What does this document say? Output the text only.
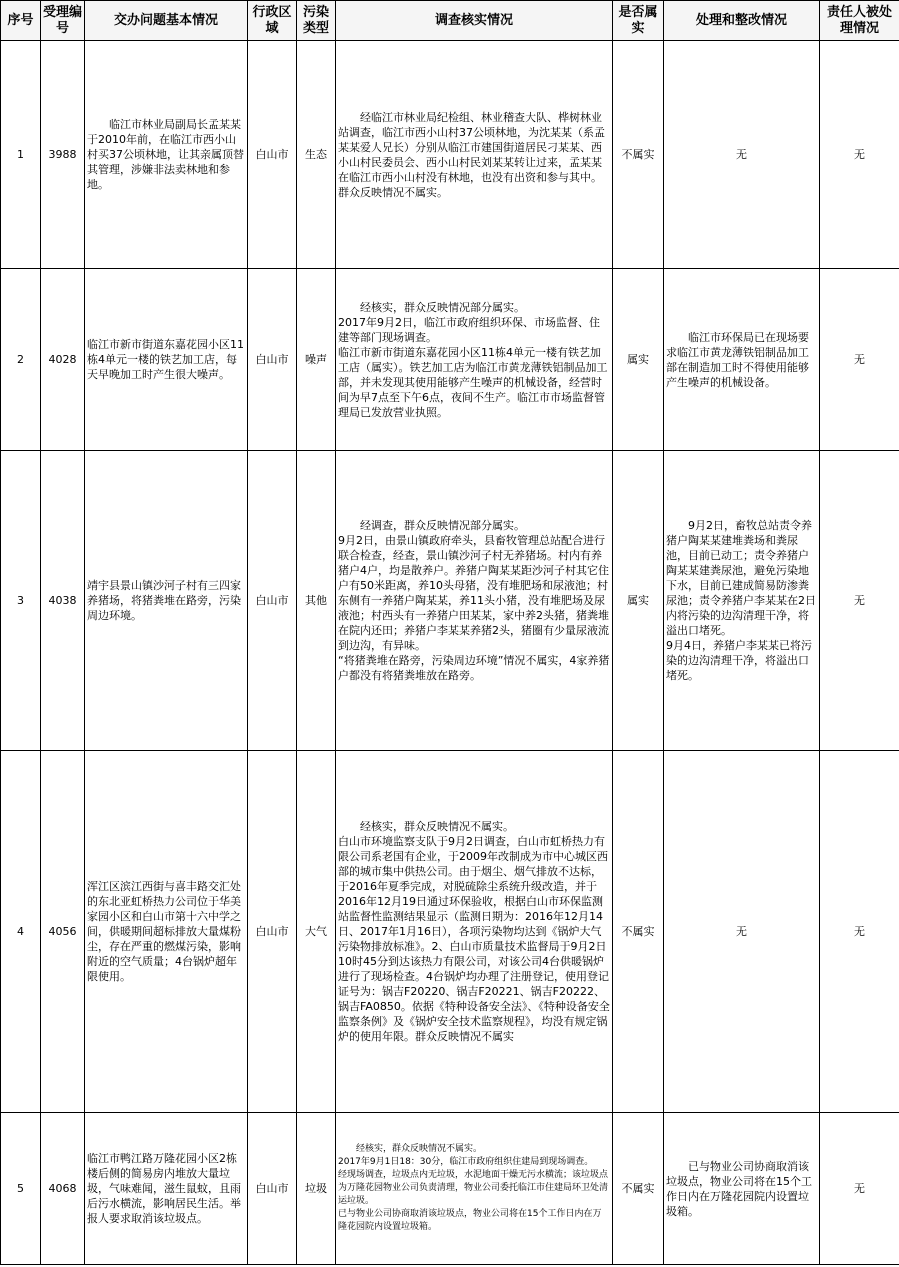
序号	受理编号	交办问题基本情况	行政区域	污染类型	调查核实情况	是否属实	处理和整改情况	责任人被处理情况
1	3988	临江市林业局副局长孟某某于2010年前，在临江市西小山村买37公顷林地，让其亲属顶替其管理，涉嫌非法卖林地和参地。	白山市	生态	经临江市林业局纪检组、林业稽查大队、桦树林业站调查，临江市西小山村37公顷林地，为沈某某（系孟某某爱人兄长）分别从临江市建国街道居民刁某某、西小山村民委员会、西小山村民刘某某转让过来，孟某某在临江市西小山村没有林地，也没有出资和参与其中。群众反映情况不属实。	不属实	无	无
2	4028	临江市新市街道东嘉花园小区11栋4单元一楼的铁艺加工店，每天早晚加工时产生很大噪声。	白山市	噪声	经核实，群众反映情况部分属实。
2017年9月2日，临江市政府组织环保、市场监督、住建等部门现场调查。
临江市新市街道东嘉花园小区11栋4单元一楼有铁艺加工店（属实）。铁艺加工店为临江市黄龙薄铁铝制品加工部，并未发现其使用能够产生噪声的机械设备，经营时间为早7点至下午6点，夜间不生产。临江市市场监督管理局已发放营业执照。	属实	临江市环保局已在现场要求临江市黄龙薄铁铝制品加工部在制造加工时不得使用能够产生噪声的机械设备。	无
3	4038	靖宇县景山镇沙河子村有三四家养猪场，将猪粪堆在路旁，污染周边环境。	白山市	其他	经调查，群众反映情况部分属实。
9月2日，由景山镇政府牵头，县畜牧管理总站配合进行联合检查，经查，景山镇沙河子村无养猪场。村内有养猪户4户，均是散养户。养猪户陶某某距沙河子村其它住户有50米距离，养10头母猪，没有堆肥场和尿液池；村东侧有一养猪户陶某某，养11头小猪，没有堆肥场及尿液池；村西头有一养猪户田某某，家中养2头猪，猪粪堆在院内还田；养猪户李某某养猪2头，猪圈有少量尿液流到边沟，有异味。
“将猪粪堆在路旁，污染周边环境”情况不属实，4家养猪户都没有将猪粪堆放在路旁。	属实	9月2日，畜牧总站责令养猪户陶某某建堆粪场和粪尿池，目前已动工；责令养猪户陶某某建粪尿池，避免污染地下水，目前已建成简易防渗粪尿池；责令养猪户李某某在2日内将污染的边沟清理干净，将溢出口堵死。
9月4日，养猪户李某某已将污染的边沟清理干净，将溢出口堵死。	无
4	4056	浑江区滨江西街与喜丰路交汇处的东北亚虹桥热力公司位于华美家园小区和白山市第十六中学之间，供暖期间超标排放大量煤粉尘，存在严重的燃煤污染，影响附近的空气质量；4台锅炉超年限使用。	白山市	大气	经核实，群众反映情况不属实。
白山市环境监察支队于9月2日调查，白山市虹桥热力有限公司系老国有企业，于2009年改制成为市中心城区西部的城市集中供热公司。由于烟尘、烟气排放不达标，于2016年夏季完成，对脱硫除尘系统升级改造，并于2016年12月19日通过环保验收，根据白山市环保监测站监督性监测结果显示（监测日期为：2016年12月14日、2017年1月16日），各项污染物均达到《锅炉大气污染物排放标准》。2、白山市质量技术监督局于9月2日10时45分到达该热力有限公司，对该公司4台供暖锅炉进行了现场检查。4台锅炉均办理了注册登记，使用登记证号为：锅吉F20220、锅吉F20221、锅吉F20222、锅吉FA0850。依据《特种设备安全法》、《特种设备安全监察条例》及《锅炉安全技术监察规程》，均没有规定锅炉的使用年限。群众反映情况不属实	不属实	无	无
5	4068	临江市鸭江路万隆花园小区2栋楼后侧的简易房内堆放大量垃圾，气味难闻，滋生鼠蚊，且雨后污水横流，影响居民生活。举报人要求取消该垃圾点。	白山市	垃圾	经核实，群众反映情况不属实。
2017年9月1日18：30分，临江市政府组织住建局到现场调查。
经现场调查，垃圾点内无垃圾，水泥地面干燥无污水横流；该垃圾点为万隆花园物业公司负责清理，物业公司委托临江市住建局环卫处清运垃圾。
已与物业公司协商取消该垃圾点，物业公司将在15个工作日内在万隆花园院内设置垃圾箱。	不属实	已与物业公司协商取消该垃圾点，物业公司将在15个工作日内在万隆花园院内设置垃圾箱。	无
